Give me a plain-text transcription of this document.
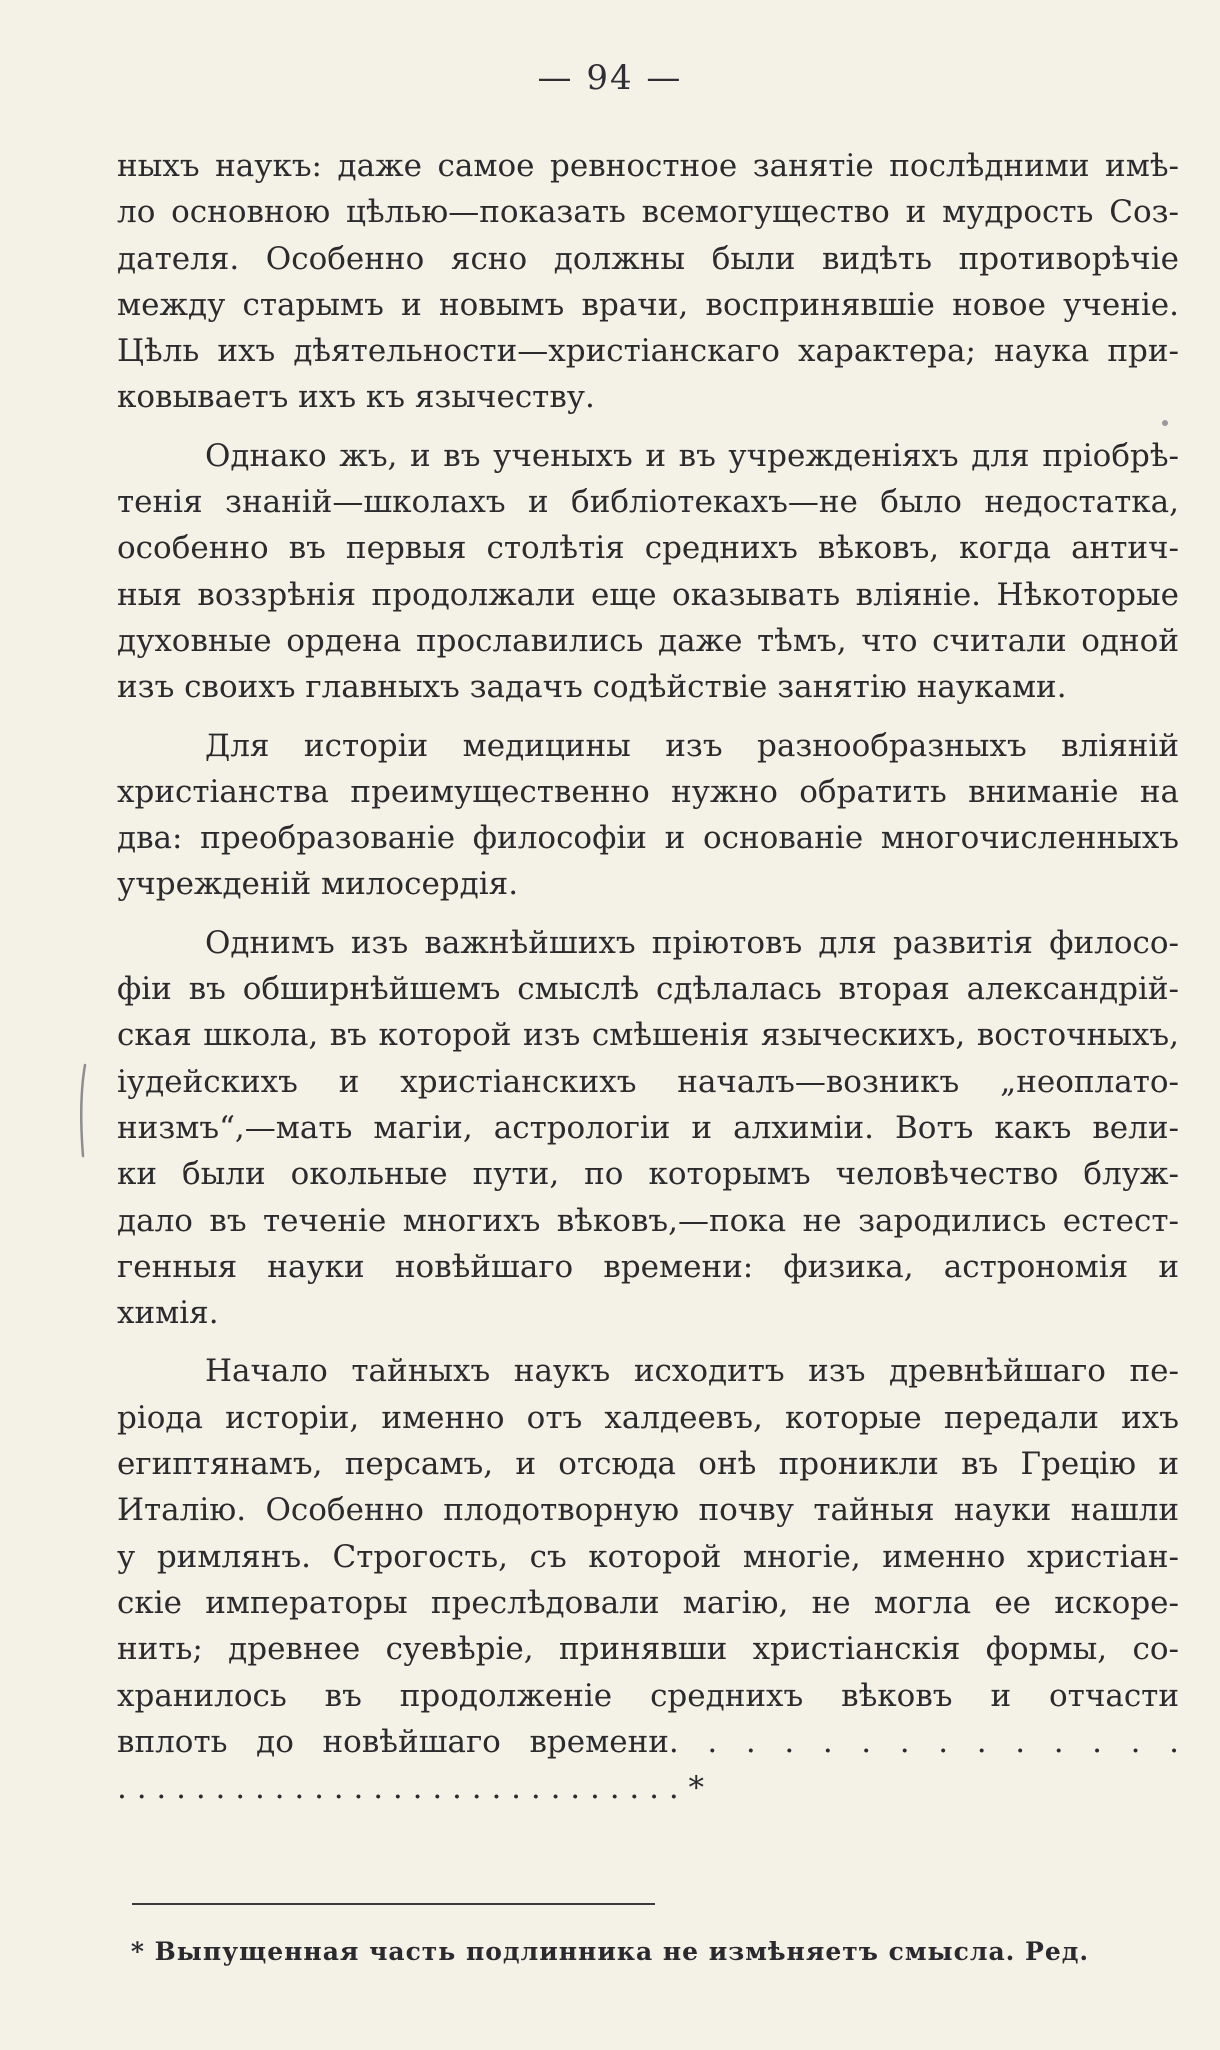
— 94 —
ныхъ наукъ: даже самое ревностное занятіе послѣдними имѣ-
ло основною цѣлью—показать всемогущество и мудрость Соз-
дателя. Особенно ясно должны были видѣть противорѣчіе
между старымъ и новымъ врачи, воспринявшіе новое ученіе.
Цѣль ихъ дѣятельности—христіанскаго характера; наука при-
ковываетъ ихъ къ язычеству.
Однако жъ, и въ ученыхъ и въ учрежденіяхъ для пріобрѣ-
тенія знаній—школахъ и библіотекахъ—не было недостатка,
особенно въ первыя столѣтія среднихъ вѣковъ, когда антич-
ныя воззрѣнія продолжали еще оказывать вліяніе. Нѣкоторые
духовные ордена прославились даже тѣмъ, что считали одной
изъ своихъ главныхъ задачъ содѣйствіе занятію науками.
Для исторіи медицины изъ разнообразныхъ вліяній
христіанства преимущественно нужно обратить вниманіе на
два: преобразованіе философіи и основаніе многочисленныхъ
учрежденій милосердія.
Однимъ изъ важнѣйшихъ пріютовъ для развитія филосо-
фіи въ обширнѣйшемъ смыслѣ сдѣлалась вторая александрій-
ская школа, въ которой изъ смѣшенія языческихъ, восточныхъ,
іудейскихъ и христіанскихъ началъ—возникъ „неоплато-
низмъ“,—мать магіи, астрологіи и алхиміи. Вотъ какъ вели-
ки были окольные пути, по которымъ человѣчество блуж-
дало въ теченіе многихъ вѣковъ,—пока не зародились естест-
генныя науки новѣйшаго времени: физика, астрономія и
химія.
Начало тайныхъ наукъ исходитъ изъ древнѣйшаго пе-
ріода исторіи, именно отъ халдеевъ, которые передали ихъ
египтянамъ, персамъ, и отсюда онѣ проникли въ Грецію и
Италію. Особенно плодотворную почву тайныя науки нашли
у римлянъ. Строгость, съ которой многіе, именно христіан-
скіе императоры преслѣдовали магію, не могла ее искоре-
нить; древнее суевѣріе, принявши христіанскія формы, со-
хранилось въ продолженіе среднихъ вѣковъ и отчасти
вплоть до новѣйшаго времени. . . . . . . . . . . . . .
. . . . . . . . . . . . . . . . . . . . . . . . . . . . . *
* Выпущенная часть подлинника не измѣняетъ смысла. Ред.
